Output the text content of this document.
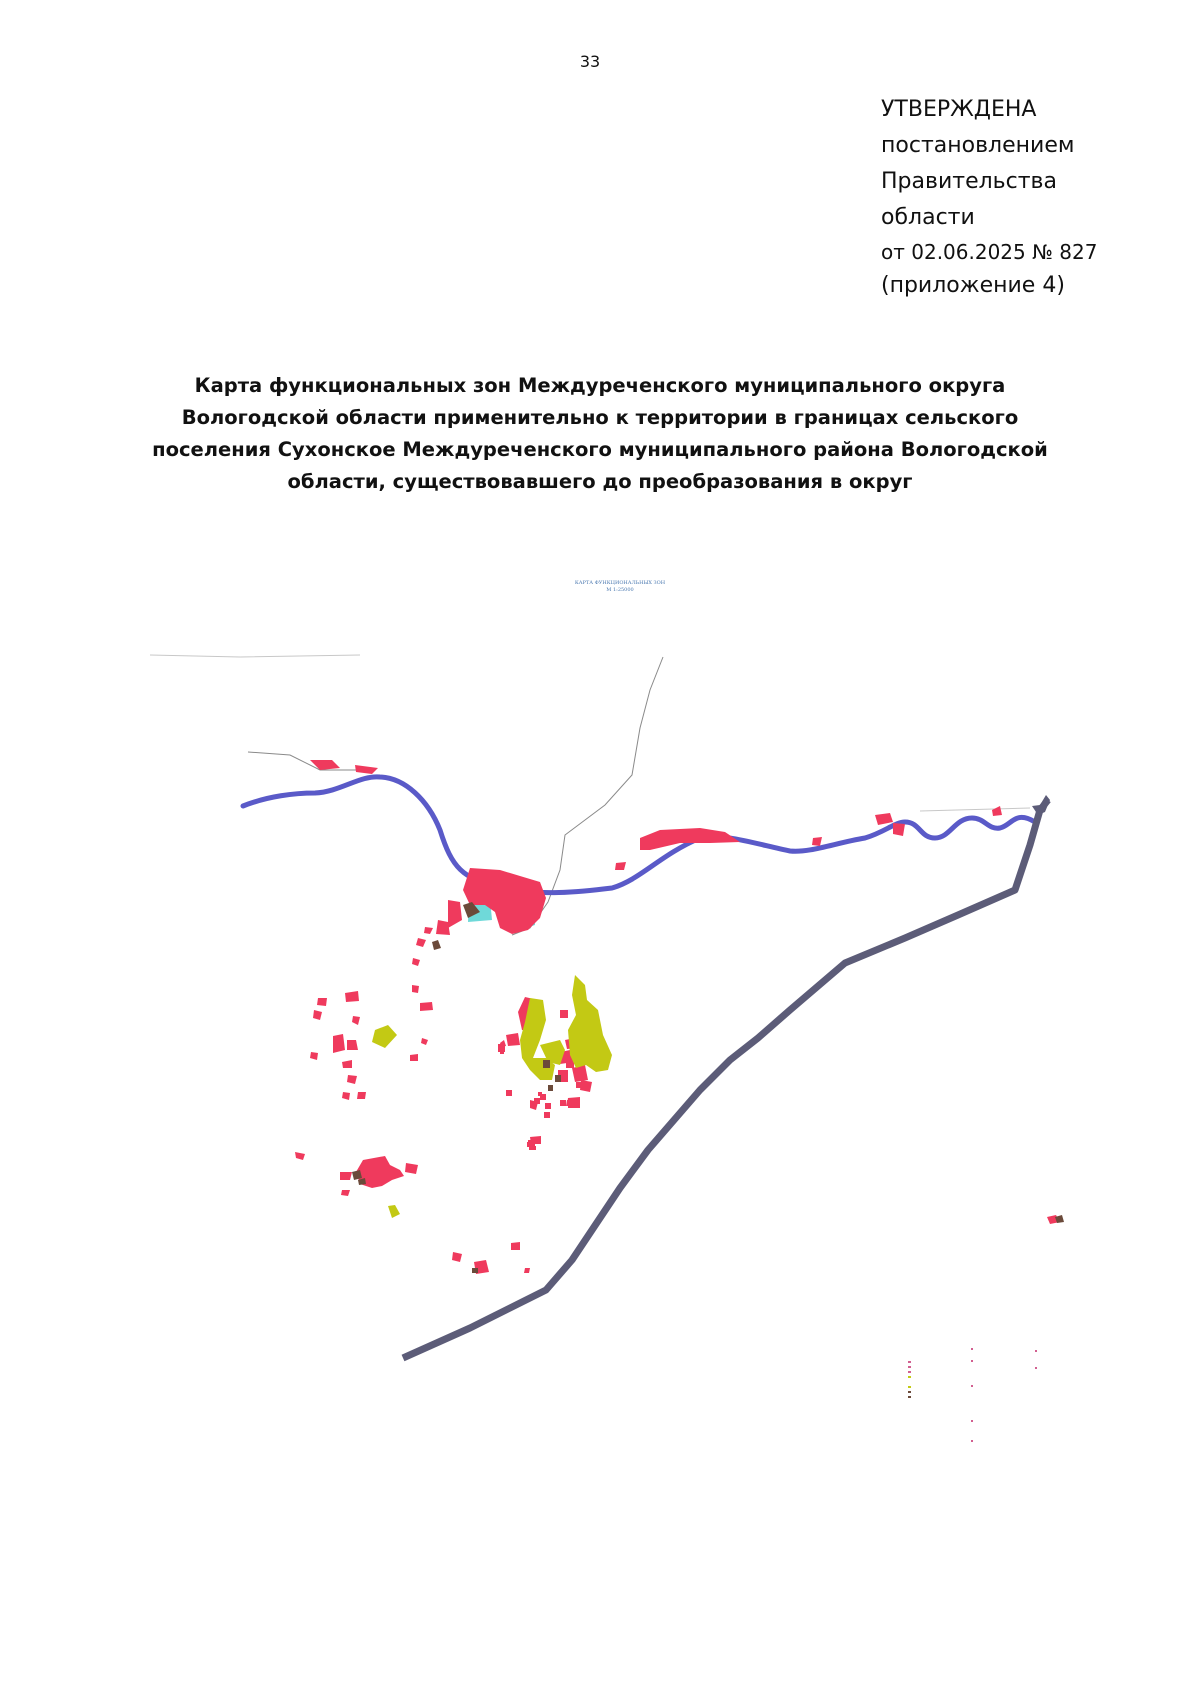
33
УТВЕРЖДЕНА
постановлением
Правительства
области
от 02.06.2025 № 827
(приложение 4)
Карта функциональных зон Междуреченского муниципального округа Вологодской области применительно к территории в границах сельского поселения Сухонское Междуреченского муниципального района Вологодской области, существовавшего до преобразования в округ
КАРТА ФУНКЦИОНАЛЬНЫХ ЗОН
М 1:25000
